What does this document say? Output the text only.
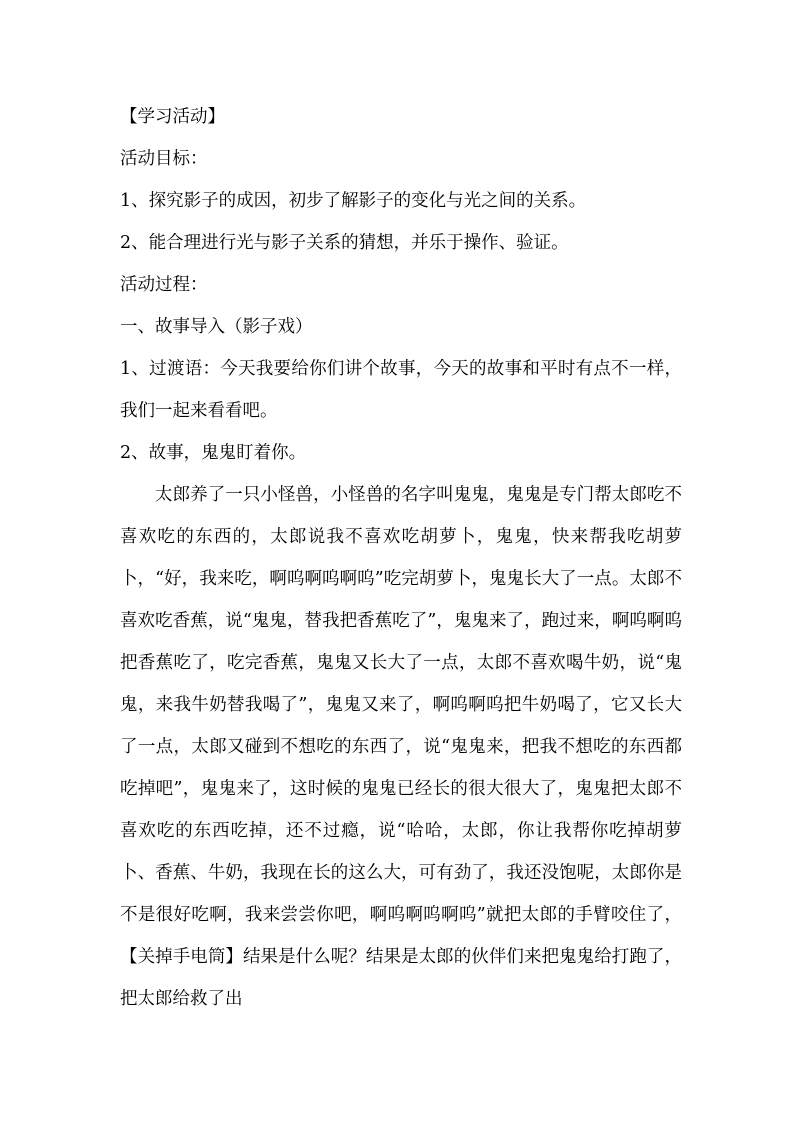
【学习活动】

活动目标：

1、探究影子的成因，初步了解影子的变化与光之间的关系。

2、能合理进行光与影子关系的猜想，并乐于操作、验证。

活动过程：

一、故事导入（影子戏）

1、过渡语：今天我要给你们讲个故事，今天的故事和平时有点不一样，我们一起来看看吧。

2、故事，鬼鬼盯着你。

太郎养了一只小怪兽，小怪兽的名字叫鬼鬼，鬼鬼是专门帮太郎吃不喜欢吃的东西的，太郎说我不喜欢吃胡萝卜，鬼鬼，快来帮我吃胡萝卜，“好，我来吃，啊呜啊呜啊呜”吃完胡萝卜，鬼鬼长大了一点。太郎不喜欢吃香蕉，说“鬼鬼，替我把香蕉吃了”，鬼鬼来了，跑过来，啊呜啊呜把香蕉吃了，吃完香蕉，鬼鬼又长大了一点，太郎不喜欢喝牛奶，说“鬼鬼，来我牛奶替我喝了”，鬼鬼又来了，啊呜啊呜把牛奶喝了，它又长大了一点，太郎又碰到不想吃的东西了，说“鬼鬼来，把我不想吃的东西都吃掉吧”，鬼鬼来了，这时候的鬼鬼已经长的很大很大了，鬼鬼把太郎不喜欢吃的东西吃掉，还不过瘾，说“哈哈，太郎，你让我帮你吃掉胡萝卜、香蕉、牛奶，我现在长的这么大，可有劲了，我还没饱呢，太郎你是不是很好吃啊，我来尝尝你吧，啊呜啊呜啊呜”就把太郎的手臂咬住了，【关掉手电筒】结果是什么呢？结果是太郎的伙伴们来把鬼鬼给打跑了，把太郎给救了出
